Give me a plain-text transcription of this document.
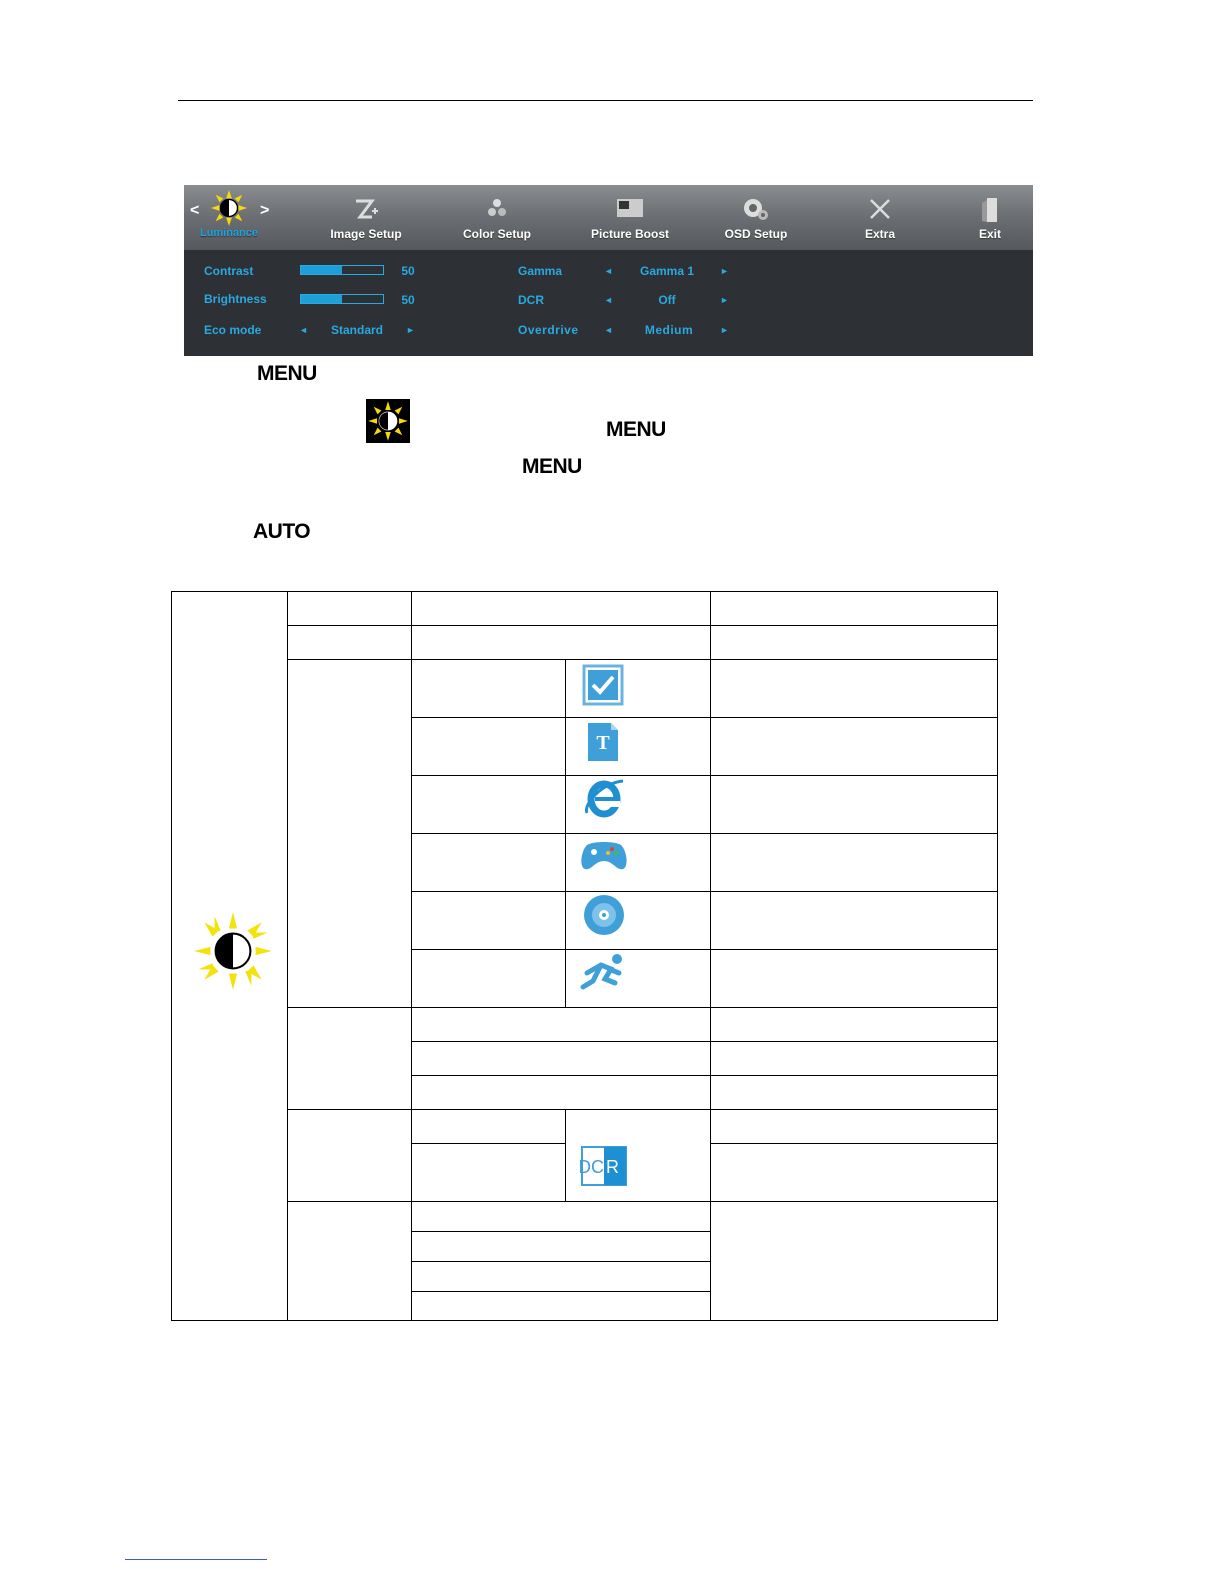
<	>
Luminance	Image Setup	Color Setup	Picture Boost	OSD Setup	Extra	Exit
Contrast	50
Brightness	50
Eco mode	◄	Standard	►
Gamma	◄	Gamma 1	►
DCR	◄	Off	►
Overdrive	◄	Medium	►
MENU
MENU
MENU
AUTO
T
DC R
